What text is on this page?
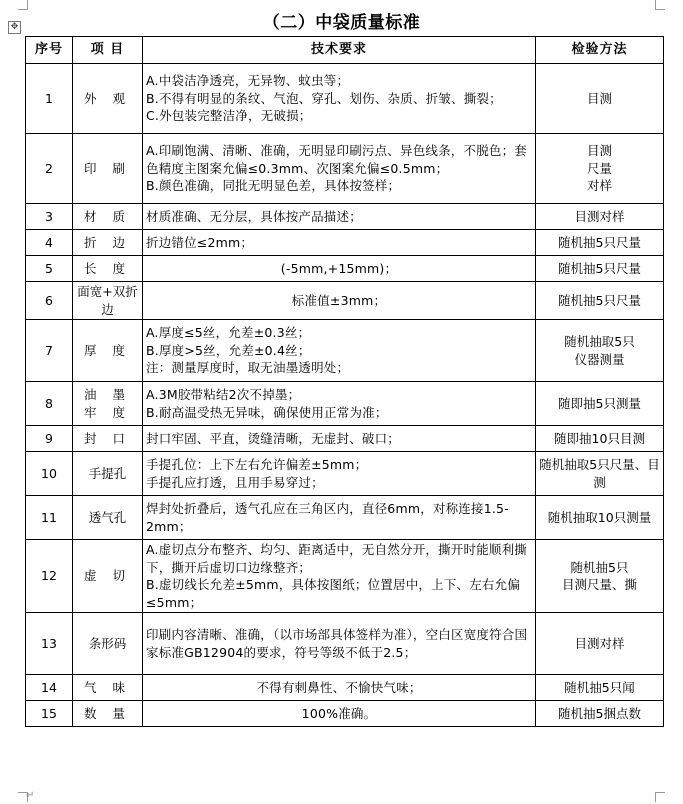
✥	（二）中袋质量标准
序号	项 目	技术要求	检验方法
1	外 观	A.中袋洁净透亮，无异物、蚊虫等；
B.不得有明显的条纹、气泡、穿孔、划伤、杂质、折皱、撕裂；
C.外包装完整洁净，无破损；	目测

2	印 刷	A.印刷饱满、清晰、准确，无明显印刷污点、异色线条，不脱色；套色精度主图案允偏≤0.3mm、次图案允偏≤0.5mm；
B.颜色准确，同批无明显色差，具体按签样；	目测
尺量
对样

3	材 质	材质准确、无分层，具体按产品描述；	目测对样

4	折 边	折边错位≤2mm；	随机抽5只尺量

5	长 度	(-5mm,+15mm)；	随机抽5只尺量

6	面宽+双折边	标准值±3mm；	随机抽5只尺量

7	厚 度	A.厚度≤5丝，允差±0.3丝；
B.厚度>5丝，允差±0.4丝；
注：测量厚度时，取无油墨透明处；	随机抽取5只
仪器测量

8	油 墨 牢 度	A.3M胶带粘结2次不掉墨；
B.耐高温受热无异味，确保使用正常为准；	随即抽5只测量

9	封 口	封口牢固、平直，烫缝清晰，无虚封、破口；	随即抽10只目测

10	手提孔	手提孔位：上下左右允许偏差±5mm；
手提孔应打透，且用手易穿过；	随机抽取5只尺量、目测

11	透气孔	焊封处折叠后，透气孔应在三角区内，直径6mm，对称连接1.5-2mm；	随机抽取10只测量

12	虚 切	A.虚切点分布整齐、均匀、距离适中，无自然分开，撕开时能顺利撕下，撕开后虚切口边缘整齐；
B.虚切线长允差±5mm，具体按图纸；位置居中，上下、左右允偏≤5mm；	随机抽5只
目测尺量、撕

13	条形码	印刷内容清晰、准确，（以市场部具体签样为准），空白区宽度符合国家标准GB12904的要求，符号等级不低于2.5；	目测对样

14	气 味	不得有刺鼻性、不愉快气味；	随机抽5只闻

15	数 量	100%准确。	随机抽5捆点数
↵
